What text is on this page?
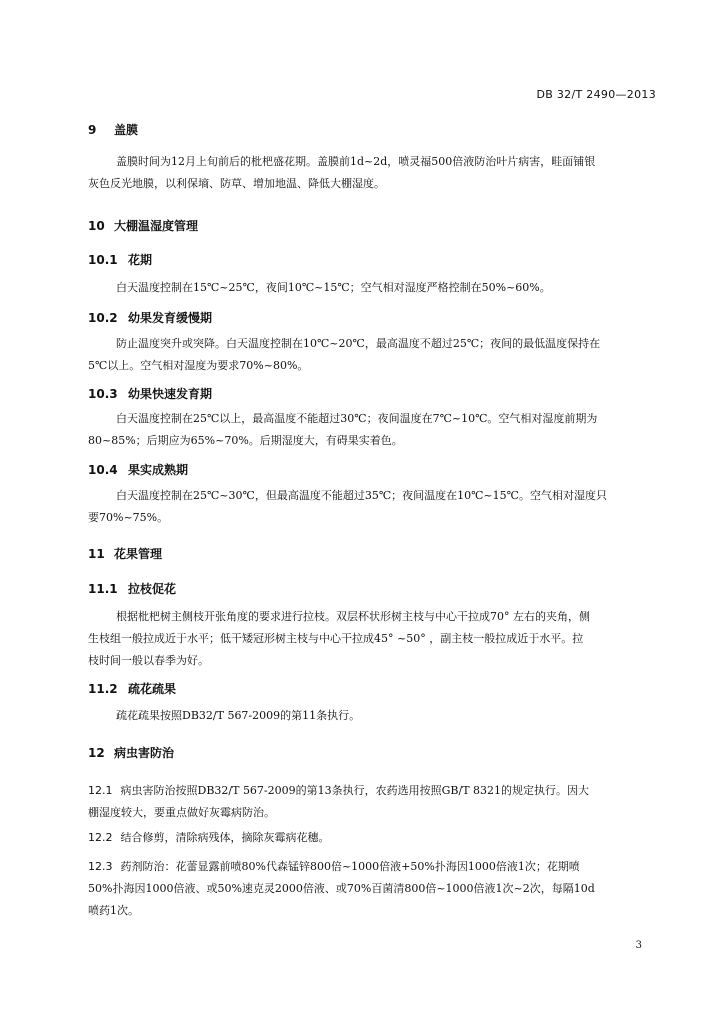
DB 32/T 2490—2013
9 盖膜
盖膜时间为12月上旬前后的枇杷盛花期。盖膜前1d~2d，喷灵福500倍液防治叶片病害，畦面铺银
灰色反光地膜，以利保墒、防草、增加地温、降低大棚湿度。
10 大棚温湿度管理
10.1 花期
白天温度控制在15℃~25℃，夜间10℃~15℃；空气相对湿度严格控制在50%~60%。
10.2 幼果发育缓慢期
防止温度突升或突降。白天温度控制在10℃~20℃，最高温度不超过25℃；夜间的最低温度保持在
5℃以上。空气相对湿度为要求70%~80%。
10.3 幼果快速发育期
白天温度控制在25℃以上，最高温度不能超过30℃；夜间温度在7℃~10℃。空气相对湿度前期为
80~85%；后期应为65%~70%。后期湿度大，有碍果实着色。
10.4 果实成熟期
白天温度控制在25℃~30℃，但最高温度不能超过35℃；夜间温度在10℃~15℃。空气相对湿度只
要70%~75%。
11 花果管理
11.1 拉枝促花
根据枇杷树主侧枝开张角度的要求进行拉枝。双层杯状形树主枝与中心干拉成70° 左右的夹角，侧
生枝组一般拉成近于水平；低干矮冠形树主枝与中心干拉成45° ~50° ，副主枝一般拉成近于水平。拉
枝时间一般以春季为好。
11.2 疏花疏果
疏花疏果按照DB32/T 567-2009的第11条执行。
12 病虫害防治
12.1 病虫害防治按照DB32/T 567-2009的第13条执行，农药选用按照GB/T 8321的规定执行。因大
棚湿度较大，要重点做好灰霉病防治。
12.2 结合修剪，清除病残体，摘除灰霉病花穗。
12.3 药剂防治：花蕾显露前喷80%代森锰锌800倍~1000倍液+50%扑海因1000倍液1次；花期喷
50%扑海因1000倍液、或50%速克灵2000倍液、或70%百菌清800倍~1000倍液1次~2次，每隔10d
喷药1次。
3
